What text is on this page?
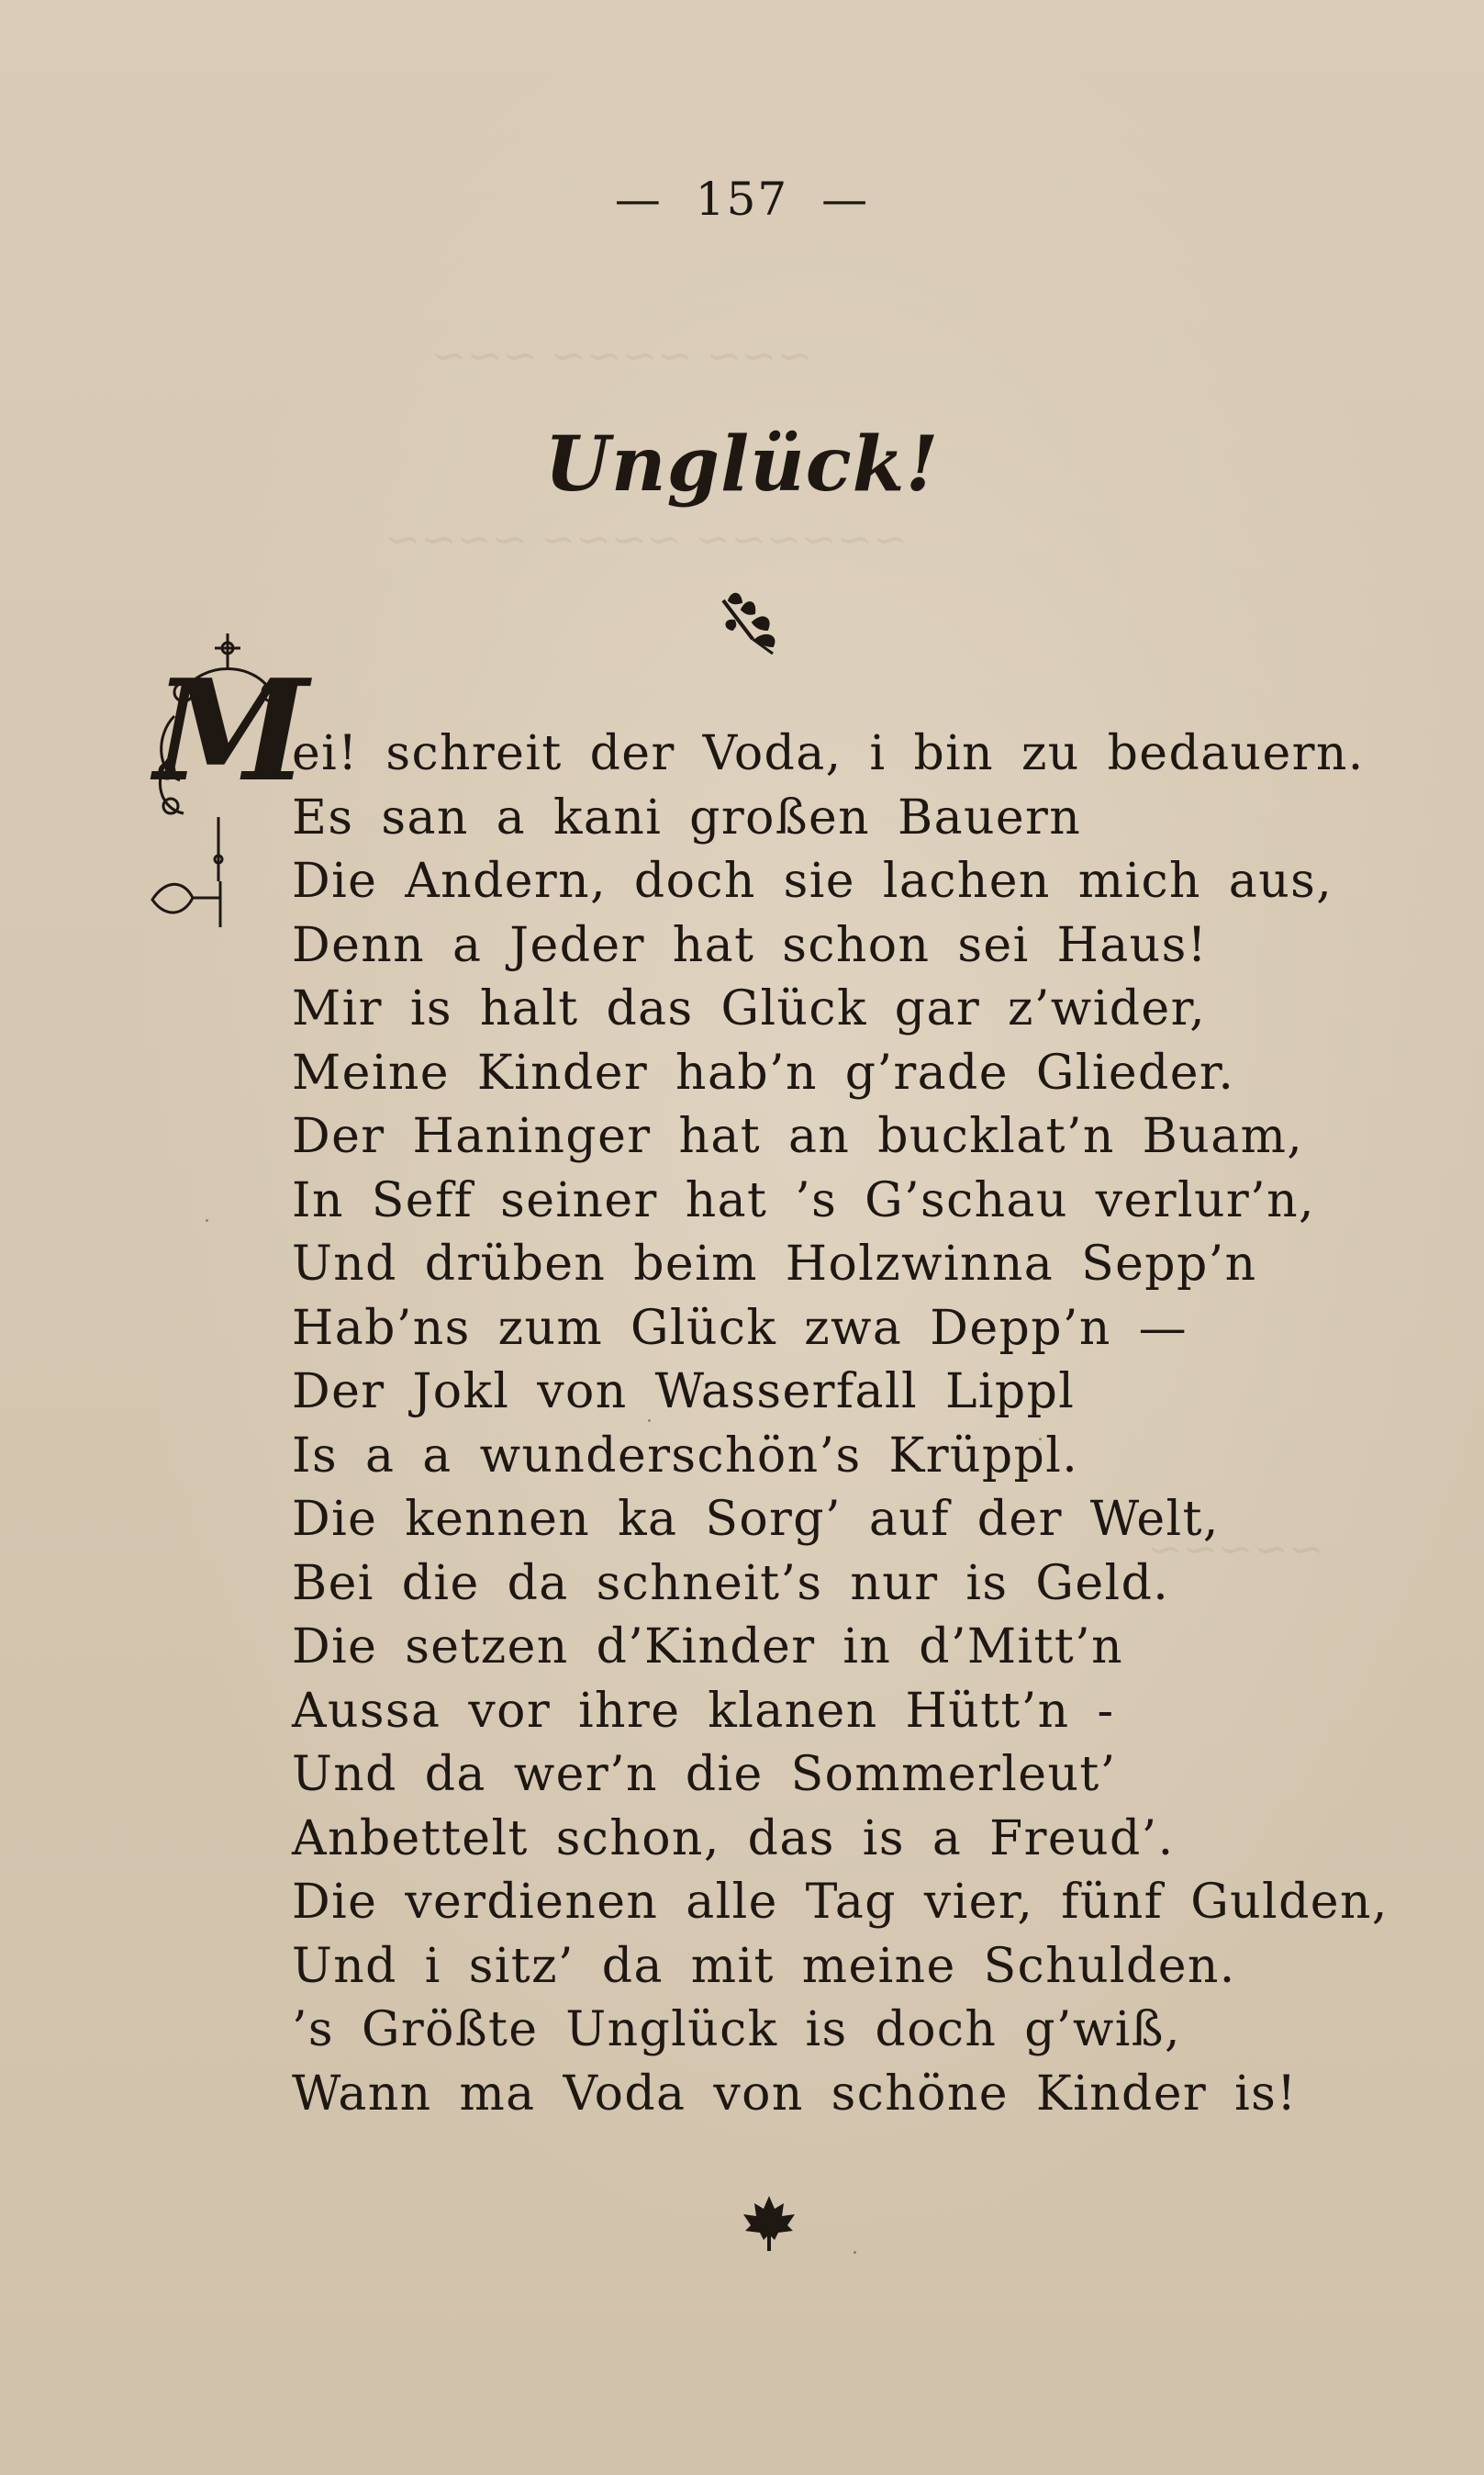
~~~ ~~~~ ~~~
~~~~~~ ~~~~ ~~~~
~~~~~
— 157 —
Unglück!
M
ei! schreit der Voda, i bin zu bedauern.
Es san a kani großen Bauern
Die Andern, doch sie lachen mich aus,
Denn a Jeder hat schon sei Haus!
Mir is halt das Glück gar z’wider,
Meine Kinder hab’n g’rade Glieder.
Der Haninger hat an bucklat’n Buam,
In Seff seiner hat ’s G’schau verlur’n,
Und drüben beim Holzwinna Sepp’n
Hab’ns zum Glück zwa Depp’n —
Der Jokl von Wasserfall Lippl
Is a a wunderschön’s Krüppl.
Die kennen ka Sorg’ auf der Welt,
Bei die da schneit’s nur is Geld.
Die setzen d’Kinder in d’Mitt’n
Aussa vor ihre klanen Hütt’n -
Und da wer’n die Sommerleut’
Anbettelt schon, das is a Freud’.
Die verdienen alle Tag vier, fünf Gulden,
Und i sitz’ da mit meine Schulden.
’s Größte Unglück is doch g’wiß,
Wann ma Voda von schöne Kinder is!
